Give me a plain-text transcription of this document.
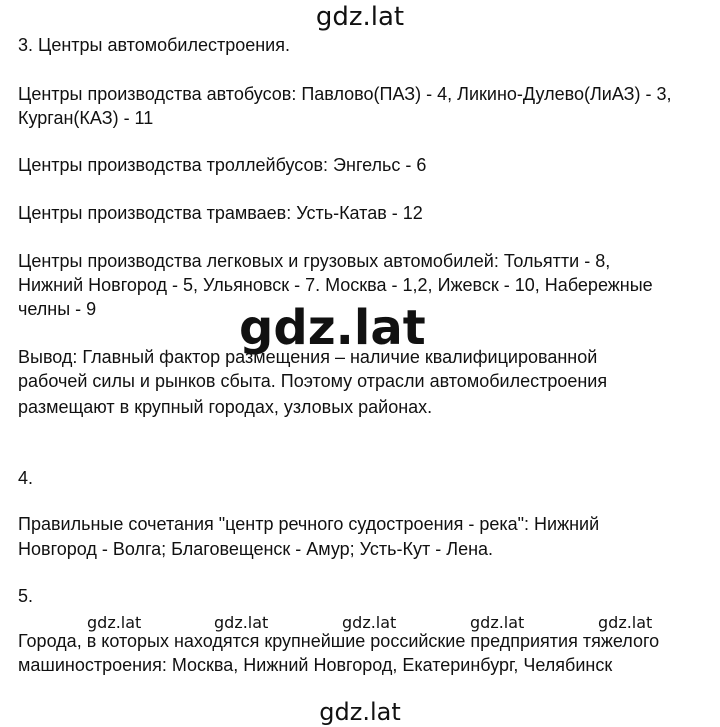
gdz.lat
3. Центры автомобилестроения.
Центры производства автобусов: Павлово(ПАЗ) - 4, Ликино-Дулево(ЛиАЗ) - 3,
Курган(КАЗ) - 11
Центры производства троллейбусов: Энгельс - 6
Центры производства трамваев: Усть-Катав - 12
Центры производства легковых и грузовых автомобилей: Тольятти - 8,
Нижний Новгород - 5, Ульяновск - 7. Москва - 1,2, Ижевск - 10, Набережные
челны - 9	gdz.lat
Вывод: Главный фактор размещения – наличие квалифицированной
рабочей силы и рынков сбыта. Поэтому отрасли автомобилестроения
размещают в крупный городах, узловых районах.
4.
Правильные сочетания "центр речного судостроения - река": Нижний
Новгород - Волга; Благовещенск - Амур; Усть-Кут - Лена.
5.
gdz.lat	gdz.lat	gdz.lat	gdz.lat	gdz.lat
Города, в которых находятся крупнейшие российские предприятия тяжелого
машиностроения: Москва, Нижний Новгород, Екатеринбург, Челябинск
gdz.lat
